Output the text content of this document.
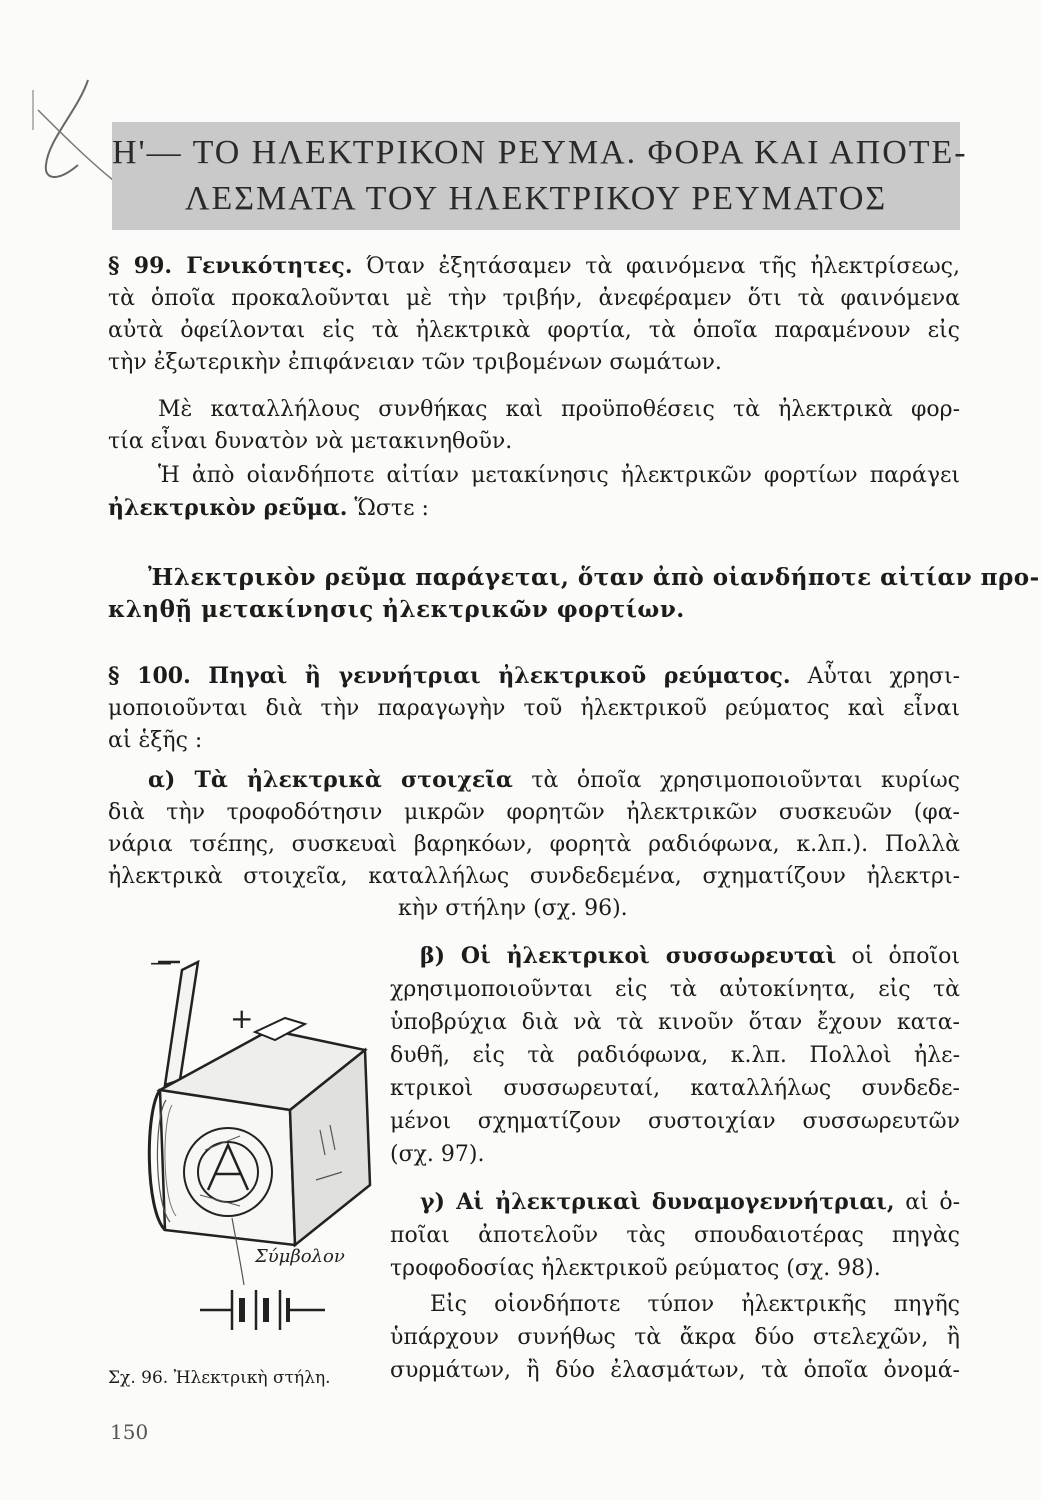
Η'— ΤΟ ΗΛΕΚΤΡΙΚΟΝ ΡΕΥΜΑ. ΦΟΡΑ ΚΑΙ ΑΠΟΤΕ-
ΛΕΣΜΑΤΑ ΤΟΥ ΗΛΕΚΤΡΙΚΟΥ ΡΕΥΜΑΤΟΣ
§ 99. Γενικότητες. Όταν ἐξητάσαμεν τὰ φαινόμενα τῆς ἠλεκτρίσεως,
τὰ ὁποῖα προκαλοῦνται μὲ τὴν τριβήν, ἀνεφέραμεν ὅτι τὰ φαινόμενα
αὐτὰ ὀφείλονται εἰς τὰ ἠλεκτρικὰ φορτία, τὰ ὁποῖα παραμένουν εἰς
τὴν ἐξωτερικὴν ἐπιφάνειαν τῶν τριβομένων σωμάτων.
Μὲ καταλλήλους συνθήκας καὶ προϋποθέσεις τὰ ἠλεκτρικὰ φορ-
τία εἶναι δυνατὸν νὰ μετακινηθοῦν.
Ἡ ἀπὸ οἱανδήποτε αἰτίαν μετακίνησις ἠλεκτρικῶν φορτίων παράγει
ἠλεκτρικὸν ρεῦμα. Ὥστε :
Ἠλεκτρικὸν ρεῦμα παράγεται, ὅταν ἀπὸ οἱανδήποτε αἰτίαν προ-
κληθῇ μετακίνησις ἠλεκτρικῶν φορτίων.
§ 100. Πηγαὶ ἢ γεννήτριαι ἠλεκτρικοῦ ρεύματος. Αὗται χρησι-
μοποιοῦνται διὰ τὴν παραγωγὴν τοῦ ἠλεκτρικοῦ ρεύματος καὶ εἶναι
αἱ ἑξῆς :
α) Τὰ ἠλεκτρικὰ στοιχεῖα τὰ ὁποῖα χρησιμοποιοῦνται κυρίως
διὰ τὴν τροφοδότησιν μικρῶν φορητῶν ἠλεκτρικῶν συσκευῶν (φα-
νάρια τσέπης, συσκευαὶ βαρηκόων, φορητὰ ραδιόφωνα, κ.λπ.). Πολλὰ
ἠλεκτρικὰ στοιχεῖα, καταλλήλως συνδεδεμένα, σχηματίζουν ἠλεκτρι-
κὴν στήλην (σχ. 96).
β) Οἱ ἠλεκτρικοὶ συσσωρευταὶ οἱ ὁποῖοι
χρησιμοποιοῦνται εἰς τὰ αὐτοκίνητα, εἰς τὰ
ὑποβρύχια διὰ νὰ τὰ κινοῦν ὅταν ἔχουν κατα-
δυθῆ, εἰς τὰ ραδιόφωνα, κ.λπ. Πολλοὶ ἠλε-
κτρικοὶ συσσωρευταί, καταλλήλως συνδεδε-
μένοι σχηματίζουν συστοιχίαν συσσωρευτῶν
(σχ. 97).
γ) Αἱ ἠλεκτρικαὶ δυναμογεννήτριαι, αἱ ὁ-
ποῖαι ἀποτελοῦν τὰς σπουδαιοτέρας πηγὰς
τροφοδοσίας ἠλεκτρικοῦ ρεύματος (σχ. 98).
Εἰς οἱονδήποτε τύπον ἠλεκτρικῆς πηγῆς
ὑπάρχουν συνήθως τὰ ἄκρα δύο στελεχῶν, ἢ
συρμάτων, ἢ δύο ἐλασμάτων, τὰ ὁποῖα ὀνομά-
+
—
Σύμβολον
Σχ. 96. Ἠλεκτρικὴ στήλη.
150
